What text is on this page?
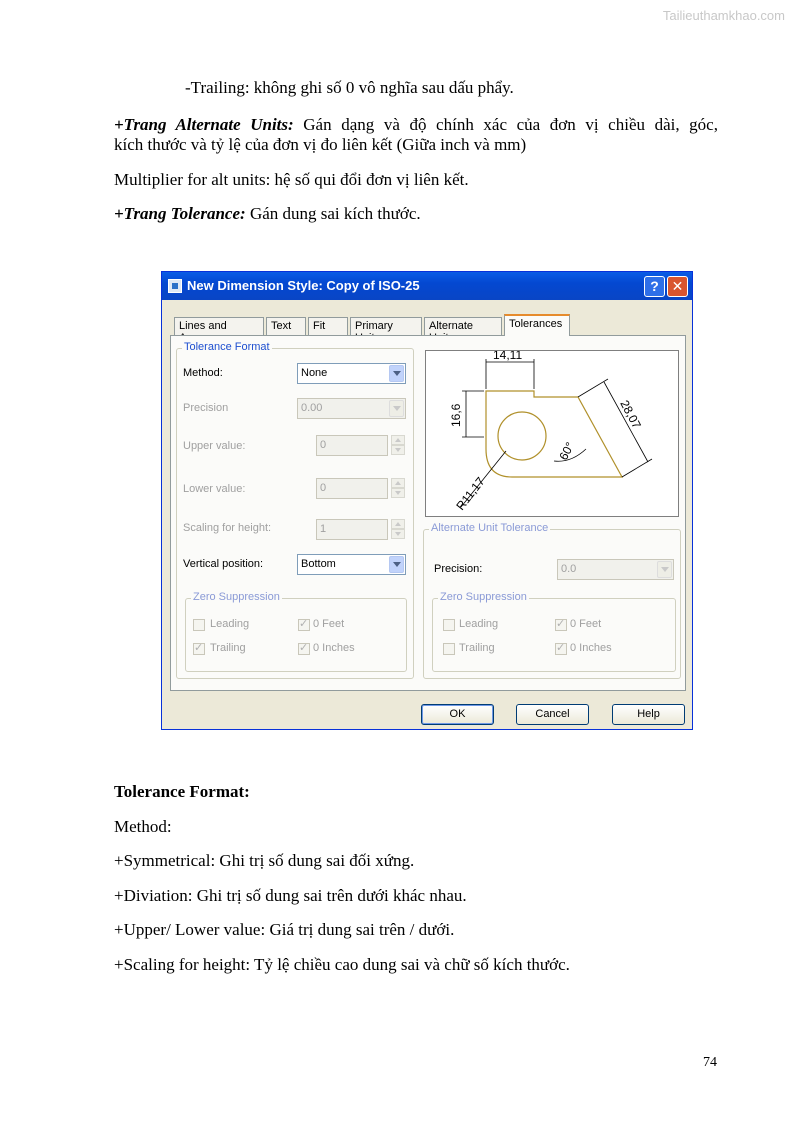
Tailieuthamkhao.com
-Trailing: không ghi số 0 vô nghĩa sau dấu phẩy.
+Trang Alternate Units: Gán dạng và độ chính xác của đơn vị chiều dài, góc,
kích thước và tỷ lệ của đơn vị đo liên kết (Giữa inch và mm)
Multiplier for alt units: hệ số qui đổi đơn vị liên kết.
+Trang Tolerance: Gán dung sai kích thước.
New Dimension Style: Copy of ISO-25	? ✕
Lines and	Text	Fit	Primary	Alternate	Tolerances
Tolerance Format
Method:	None
Precision	0.00
Upper value:	0
Lower value:	0
Scaling for height:	1
Vertical position:	Bottom
Zero Suppression
Leading ✓	0 Feet
✓
Trailing ✓	0 Inches
14,11
16,6	28,07
60°
R11,17
Alternate Unit Tolerance
Precision:	0.0
Zero Suppression
Leading ✓	0 Feet
Trailing ✓	0 Inches
OK	Cancel	Help
Tolerance Format:
Method:
+Symmetrical: Ghi trị số dung sai đối xứng.
+Diviation: Ghi trị số dung sai trên dưới khác nhau.
+Upper/ Lower value: Giá trị dung sai trên / dưới.
+Scaling for height: Tỷ lệ chiều cao dung sai và chữ số kích thước.
74
